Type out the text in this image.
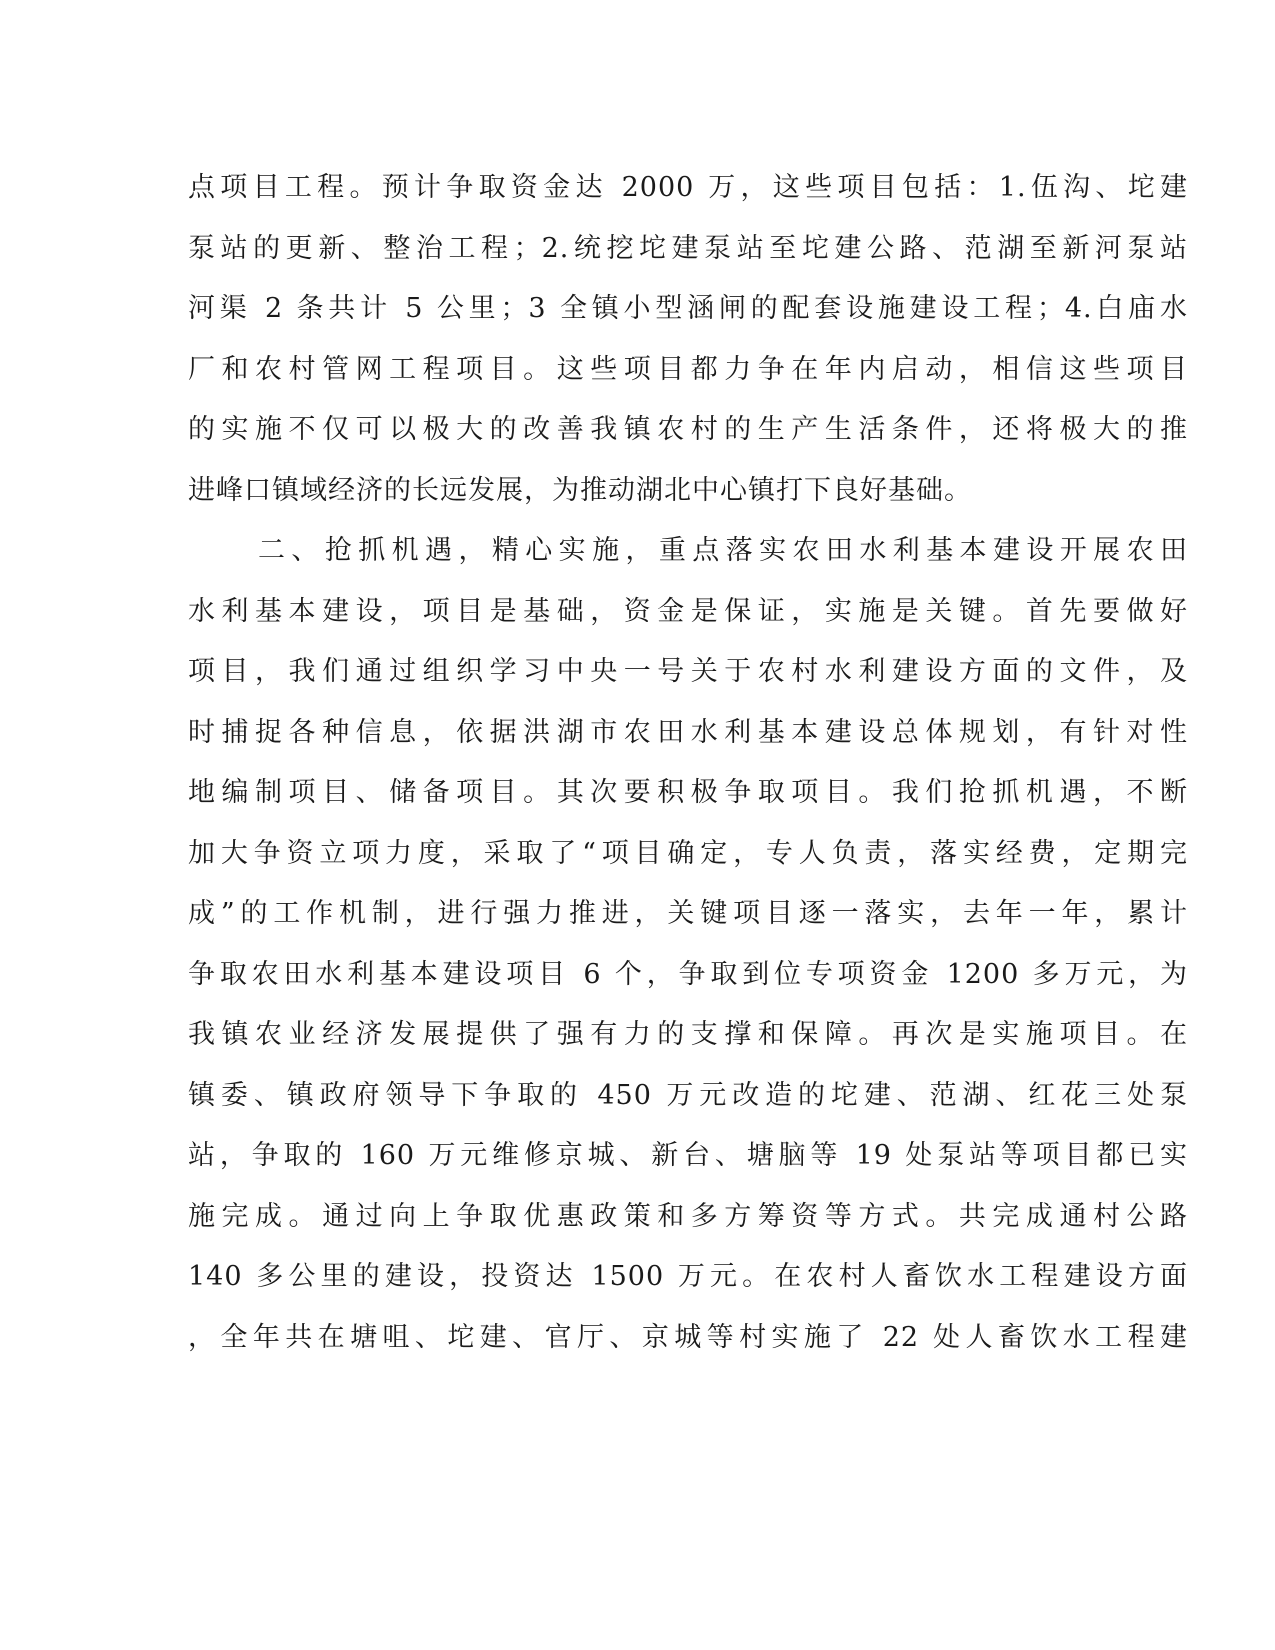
点项目工程。预计争取资金达 2000 万，这些项目包括：1.伍沟、坨建
泵站的更新、整治工程；2.统挖坨建泵站至坨建公路、范湖至新河泵站
河渠 2 条共计 5 公里；3 全镇小型涵闸的配套设施建设工程；4.白庙水
厂和农村管网工程项目。这些项目都力争在年内启动，相信这些项目
的实施不仅可以极大的改善我镇农村的生产生活条件，还将极大的推
进峰口镇域经济的长远发展，为推动湖北中心镇打下良好基础。
二、抢抓机遇，精心实施，重点落实农田水利基本建设开展农田
水利基本建设，项目是基础，资金是保证，实施是关键。首先要做好
项目，我们通过组织学习中央一号关于农村水利建设方面的文件，及
时捕捉各种信息，依据洪湖市农田水利基本建设总体规划，有针对性
地编制项目、储备项目。其次要积极争取项目。我们抢抓机遇，不断
加大争资立项力度，采取了“项目确定，专人负责，落实经费，定期完
成”的工作机制，进行强力推进，关键项目逐一落实，去年一年，累计
争取农田水利基本建设项目 6 个，争取到位专项资金 1200 多万元，为
我镇农业经济发展提供了强有力的支撑和保障。再次是实施项目。在
镇委、镇政府领导下争取的 450 万元改造的坨建、范湖、红花三处泵
站，争取的 160 万元维修京城、新台、塘脑等 19 处泵站等项目都已实
施完成。通过向上争取优惠政策和多方筹资等方式。共完成通村公路
140 多公里的建设，投资达 1500 万元。在农村人畜饮水工程建设方面
，全年共在塘咀、坨建、官厅、京城等村实施了 22 处人畜饮水工程建
